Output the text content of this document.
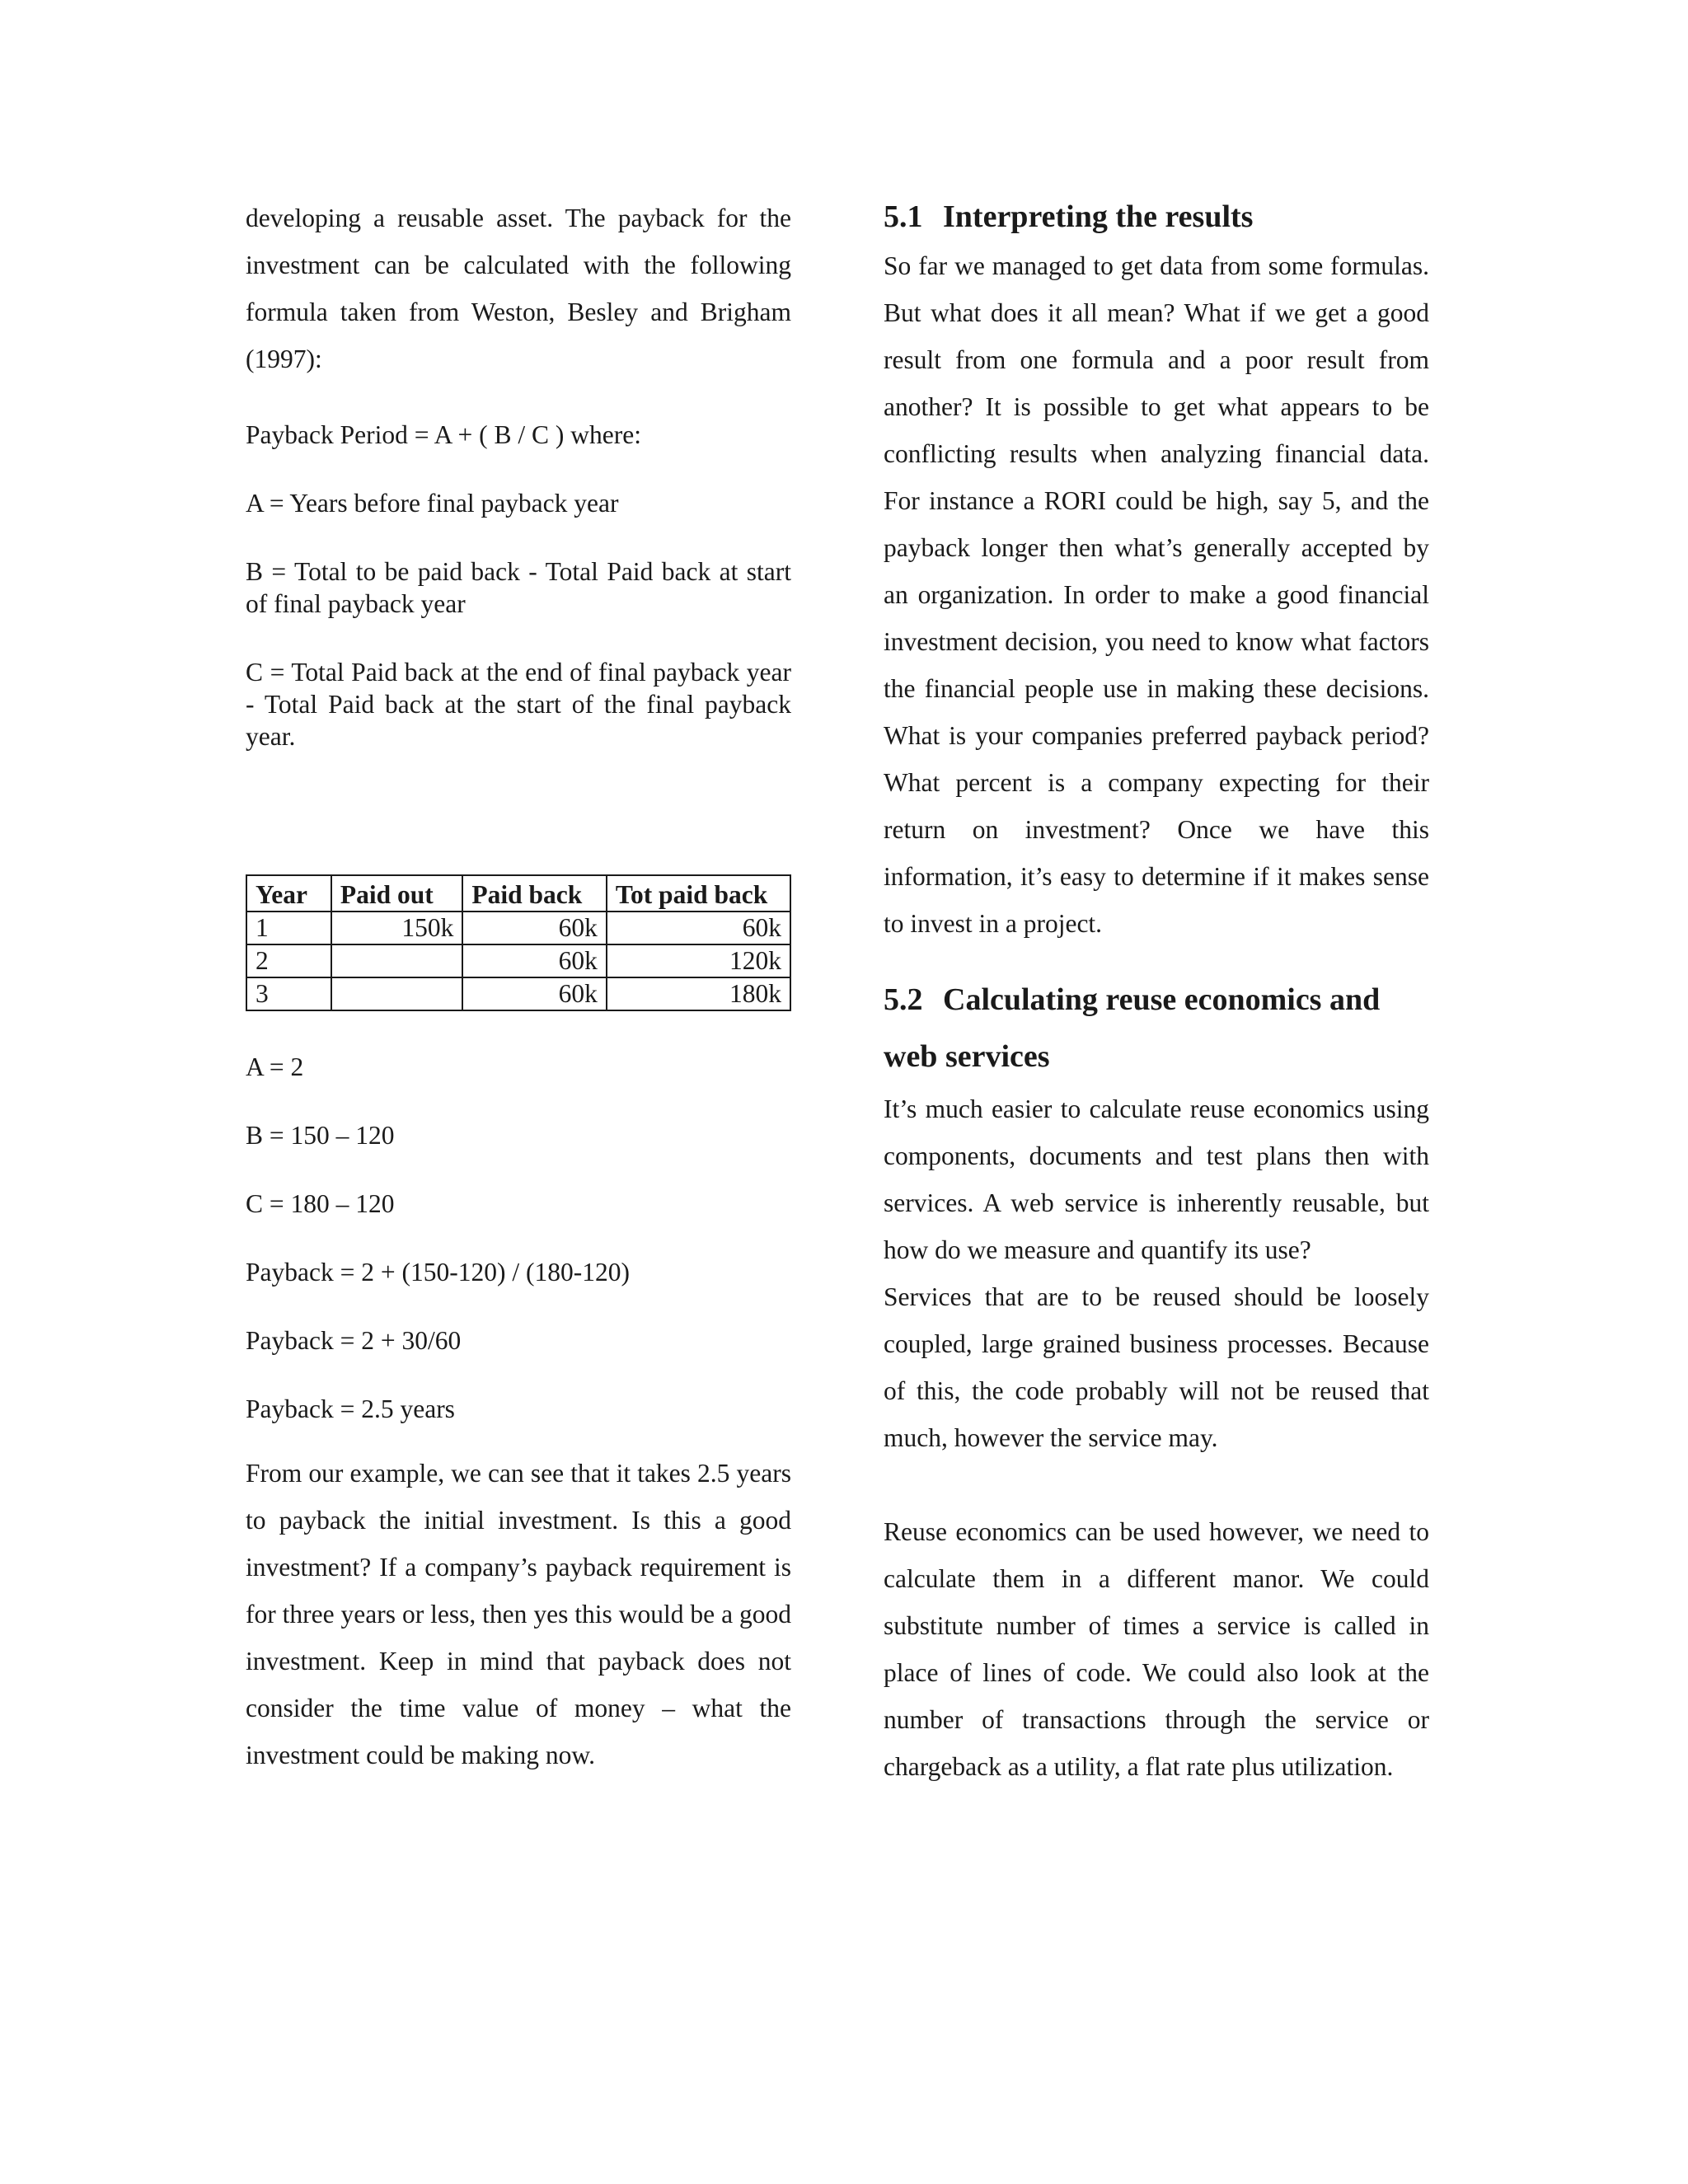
developing a reusable asset. The payback for the investment can be calculated with the following formula taken from Weston, Besley and Brigham (1997):

Payback Period = A + ( B / C ) where:

A = Years before final payback year

B = Total to be paid back - Total Paid back at start of final payback year

C = Total Paid back at the end of final payback year - Total Paid back at the start of the final payback year.

Year	Paid out	Paid back	Tot paid back
1	150k	60k	60k
2		60k	120k
3		60k	180k

A = 2

B = 150 – 120

C = 180 – 120

Payback = 2 + (150-120) / (180-120)

Payback = 2 + 30/60

Payback = 2.5 years

From our example, we can see that it takes 2.5 years to payback the initial investment. Is this a good investment? If a company’s payback requirement is for three years or less, then yes this would be a good investment. Keep in mind that payback does not consider the time value of money – what the investment could be making now.

5.1 Interpreting the results

So far we managed to get data from some formulas. But what does it all mean? What if we get a good result from one formula and a poor result from another? It is possible to get what appears to be conflicting results when analyzing financial data. For instance a RORI could be high, say 5, and the payback longer then what’s generally accepted by an organization. In order to make a good financial investment decision, you need to know what factors the financial people use in making these decisions. What is your companies preferred payback period? What percent is a company expecting for their return on investment? Once we have this information, it’s easy to determine if it makes sense to invest in a project.

5.2 Calculating reuse economics and web services

It’s much easier to calculate reuse economics using components, documents and test plans then with services. A web service is inherently reusable, but how do we measure and quantify its use?

Services that are to be reused should be loosely coupled, large grained business processes. Because of this, the code probably will not be reused that much, however the service may.

Reuse economics can be used however, we need to calculate them in a different manor. We could substitute number of times a service is called in place of lines of code. We could also look at the number of transactions through the service or chargeback as a utility, a flat rate plus utilization.
